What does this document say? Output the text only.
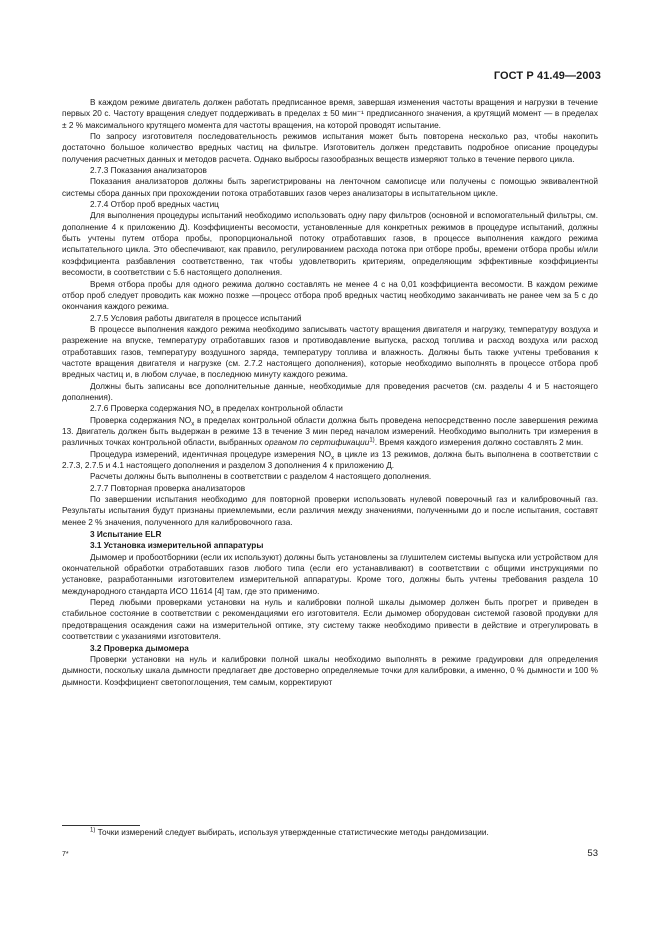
ГОСТ Р 41.49—2003

В каждом режиме двигатель должен работать предписанное время, завершая изменения частоты вращения и нагрузки в течение первых 20 с. Частоту вращения следует поддерживать в пределах ± 50 мин⁻¹ предписанного значения, а крутящий момент — в пределах ± 2 % максимального крутящего момента для частоты вращения, на которой проводят испытание.

По запросу изготовителя последовательность режимов испытания может быть повторена несколько раз, чтобы накопить достаточно большое количество вредных частиц на фильтре. Изготовитель должен представить подробное описание процедуры получения расчетных данных и методов расчета. Однако выбросы газообразных веществ измеряют только в течение первого цикла.

2.7.3 Показания анализаторов

Показания анализаторов должны быть зарегистрированы на ленточном самописце или получены с помощью эквивалентной системы сбора данных при прохождении потока отработавших газов через анализаторы в испытательном цикле.

2.7.4 Отбор проб вредных частиц

Для выполнения процедуры испытаний необходимо использовать одну пару фильтров (основной и вспомогательный фильтры, см. дополнение 4 к приложению Д). Коэффициенты весомости, установленные для конкретных режимов в процедуре испытаний, должны быть учтены путем отбора пробы, пропорциональной потоку отработавших газов, в процессе выполнения каждого режима испытательного цикла. Это обеспечивают, как правило, регулированием расхода потока при отборе пробы, времени отбора пробы и/или коэффициента разбавления соответственно, так чтобы удовлетворить критериям, определяющим эффективные коэффициенты весомости, в соответствии с 5.6 настоящего дополнения.

Время отбора пробы для одного режима должно составлять не менее 4 с на 0,01 коэффициента весомости. В каждом режиме отбор проб следует проводить как можно позже —процесс отбора проб вредных частиц необходимо заканчивать не ранее чем за 5 с до окончания каждого режима.

2.7.5 Условия работы двигателя в процессе испытаний

В процессе выполнения каждого режима необходимо записывать частоту вращения двигателя и нагрузку, температуру воздуха и разрежение на впуске, температуру отработавших газов и противодавление выпуска, расход топлива и расход воздуха или расход отработавших газов, температуру воздушного заряда, температуру топлива и влажность. Должны быть также учтены требования к частоте вращения двигателя и нагрузке (см. 2.7.2 настоящего дополнения), которые необходимо выполнять в процессе отбора проб вредных частиц и, в любом случае, в последнюю минуту каждого режима.

Должны быть записаны все дополнительные данные, необходимые для проведения расчетов (см. разделы 4 и 5 настоящего дополнения).

2.7.6 Проверка содержания $NO_x$ в пределах контрольной области

Проверка содержания $NO_x$ в пределах контрольной области должна быть проведена непосредственно после завершения режима 13. Двигатель должен быть выдержан в режиме 13 в течение 3 мин перед началом измерений. Необходимо выполнить три измерения в различных точках контрольной области, выбранных органом по сертификации$^{1)}$. Время каждого измерения должно составлять 2 мин.

Процедура измерений, идентичная процедуре измерения $NO_x$ в цикле из 13 режимов, должна быть выполнена в соответствии с 2.7.3, 2.7.5 и 4.1 настоящего дополнения и разделом 3 дополнения 4 к приложению Д.

Расчеты должны быть выполнены в соответствии с разделом 4 настоящего дополнения.

2.7.7 Повторная проверка анализаторов

По завершении испытания необходимо для повторной проверки использовать нулевой поверочный газ и калибровочный газ. Результаты испытания будут признаны приемлемыми, если различия между значениями, полученными до и после испытания, составят менее 2 % значения, полученного для калибровочного газа.

3 Испытание ELR

3.1 Установка измерительной аппаратуры

Дымомер и пробоотборники (если их используют) должны быть установлены за глушителем системы выпуска или устройством для окончательной обработки отработавших газов любого типа (если его устанавливают) в соответствии с общими инструкциями по установке, разработанными изготовителем измерительной аппаратуры. Кроме того, должны быть учтены требования раздела 10 международного стандарта ИСО 11614 [4] там, где это применимо.

Перед любыми проверками установки на нуль и калибровки полной шкалы дымомер должен быть прогрет и приведен в стабильное состояние в соответствии с рекомендациями его изготовителя. Если дымомер оборудован системой газовой продувки для предотвращения осаждения сажи на измерительной оптике, эту систему также необходимо привести в действие и отрегулировать в соответствии с указаниями изготовителя.

3.2 Проверка дымомера

Проверки установки на нуль и калибровки полной шкалы необходимо выполнять в режиме градуировки для определения дымности, поскольку шкала дымности предлагает две достоверно определяемые точки для калибровки, а именно, 0 % дымности и 100 % дымности. Коэффициент светопоглощения, тем самым, корректируют

$^{1)}$ Точки измерений следует выбирать, используя утвержденные статистические методы рандомизации.
7*	53
